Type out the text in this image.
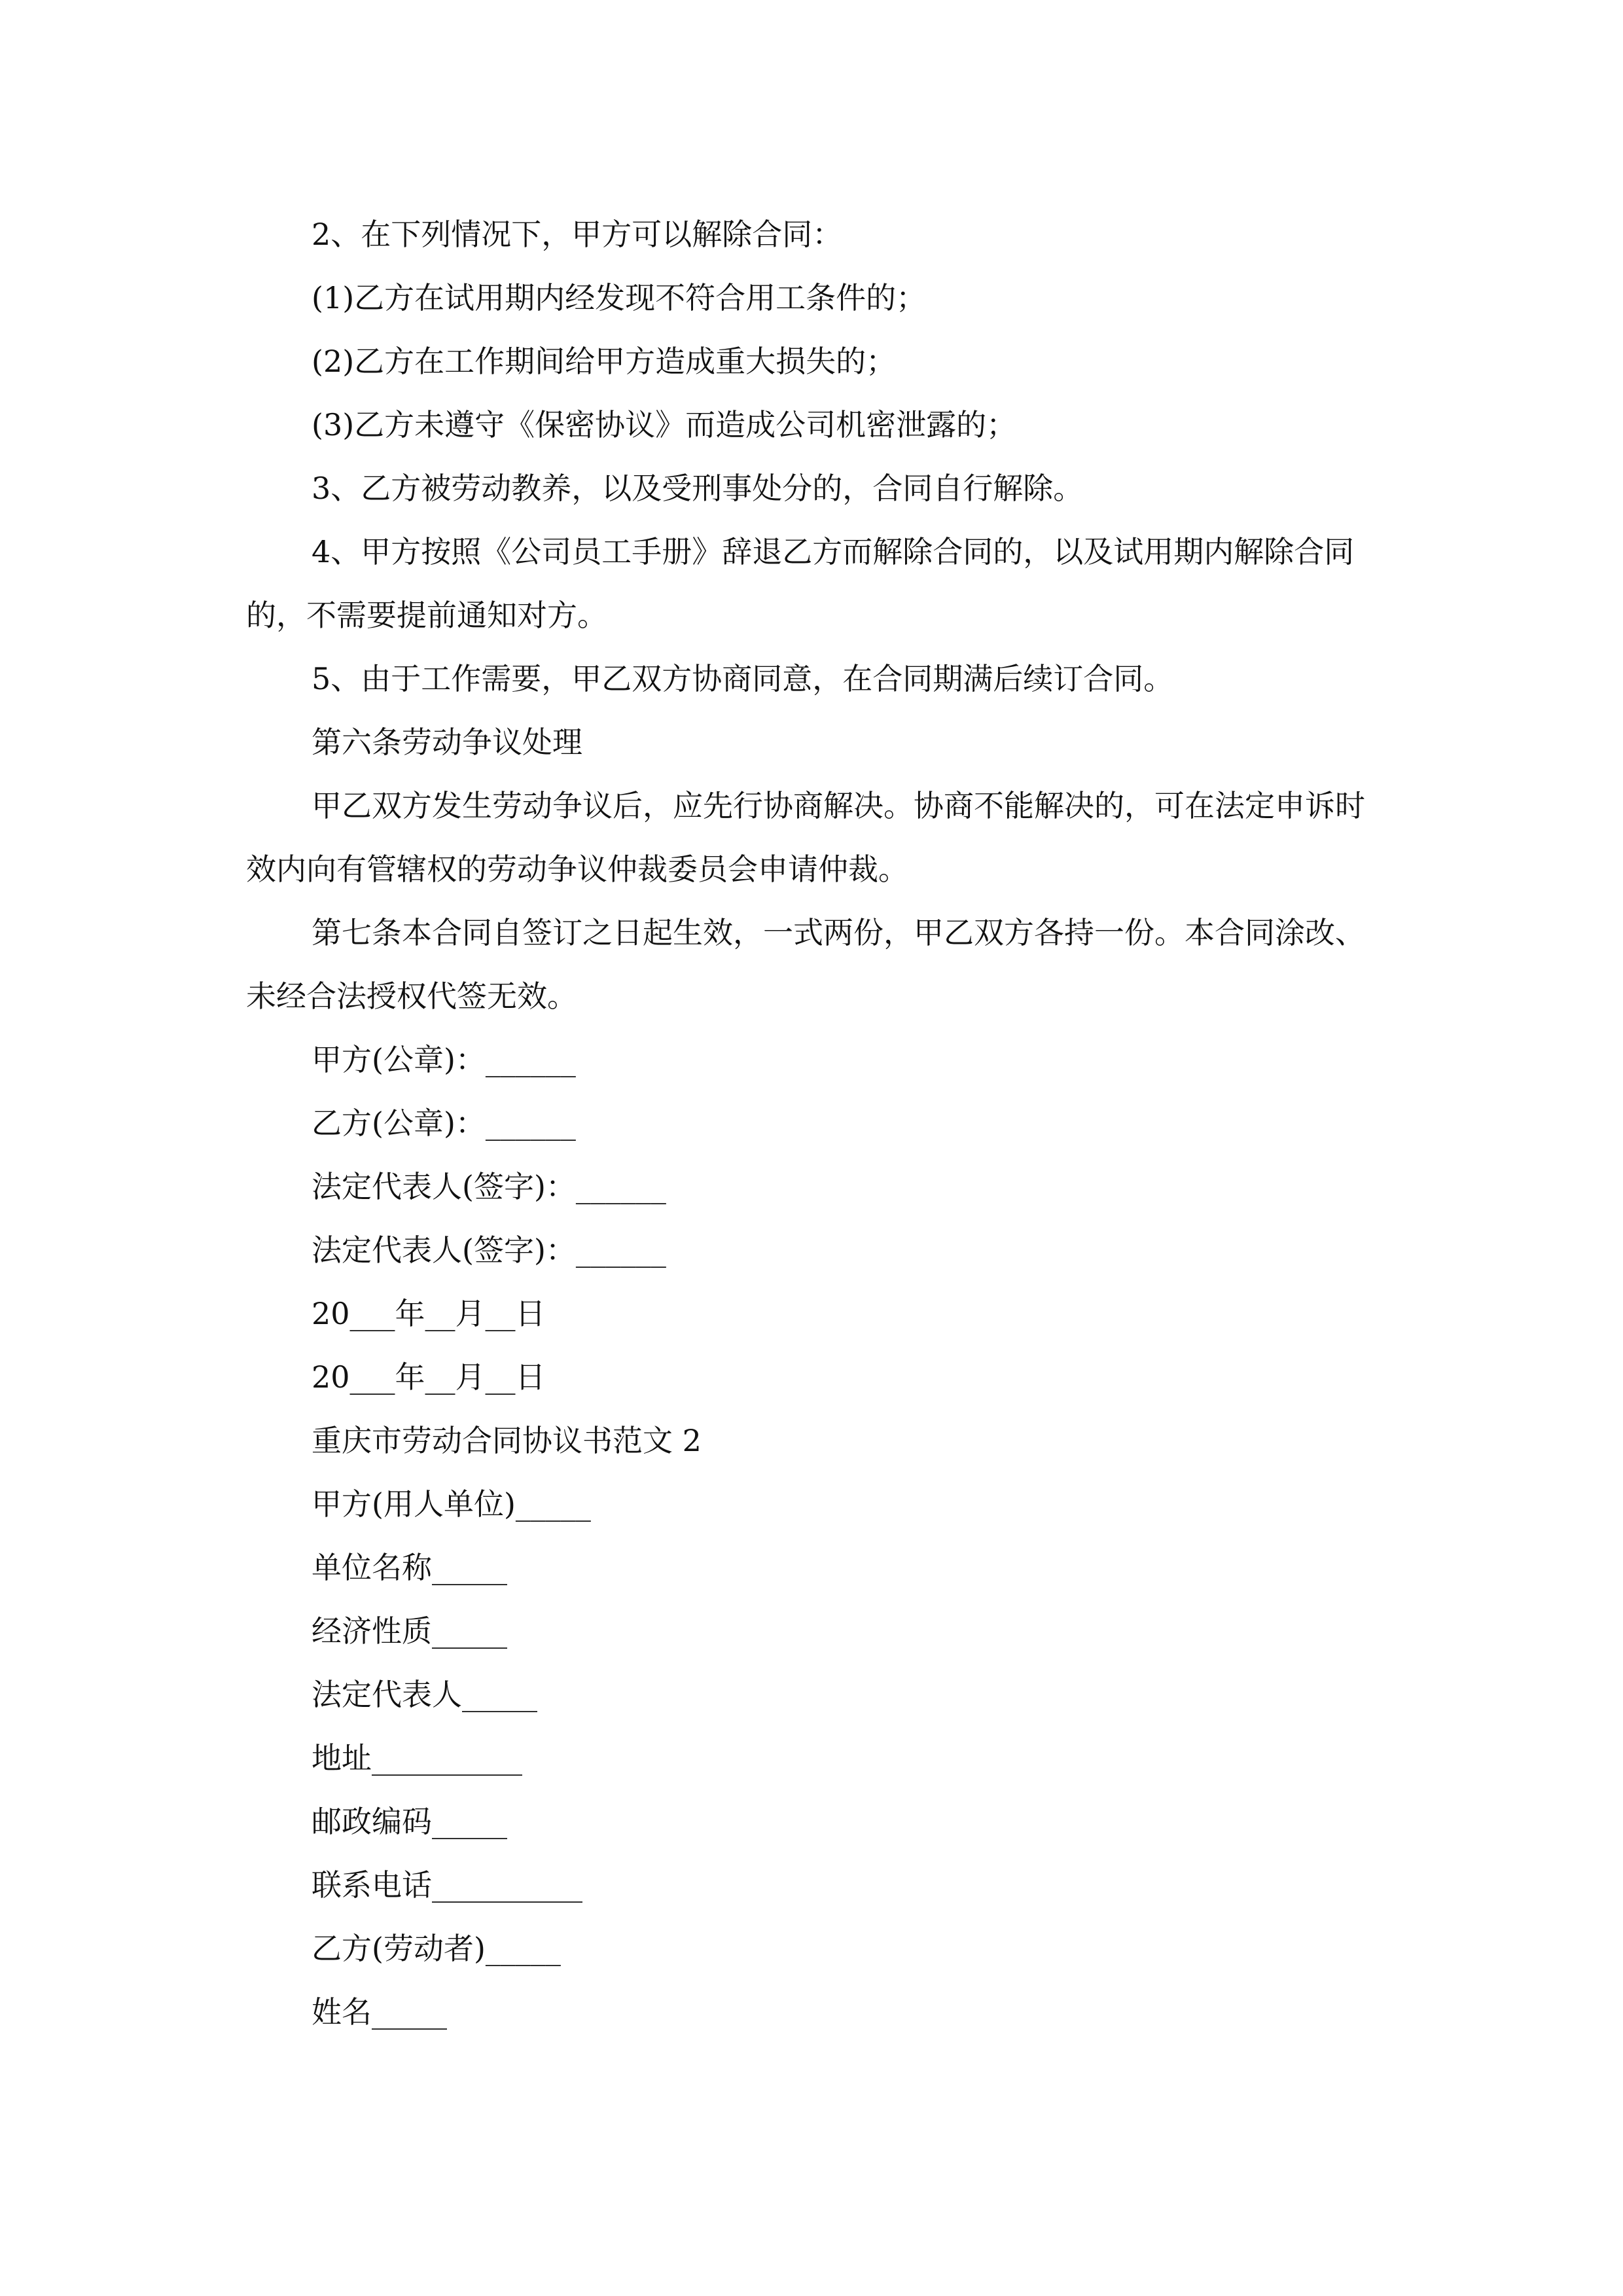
2、在下列情况下，甲方可以解除合同：

(1)乙方在试用期内经发现不符合用工条件的；

(2)乙方在工作期间给甲方造成重大损失的；

(3)乙方未遵守《保密协议》而造成公司机密泄露的；

3、乙方被劳动教养，以及受刑事处分的，合同自行解除。

4、甲方按照《公司员工手册》辞退乙方而解除合同的，以及试用期内解除合同的，不需要提前通知对方。

5、由于工作需要，甲乙双方协商同意，在合同期满后续订合同。

第六条劳动争议处理

甲乙双方发生劳动争议后，应先行协商解决。协商不能解决的，可在法定申诉时效内向有管辖权的劳动争议仲裁委员会申请仲裁。

第七条本合同自签订之日起生效，一式两份，甲乙双方各持一份。本合同涂改、未经合法授权代签无效。

甲方(公章)：______

乙方(公章)：______

法定代表人(签字)：______

法定代表人(签字)：______

20___年__月__日

20___年__月__日

重庆市劳动合同协议书范文 2

甲方(用人单位)_____

单位名称_____

经济性质_____

法定代表人_____

地址__________

邮政编码_____

联系电话__________

乙方(劳动者)_____

姓名_____
